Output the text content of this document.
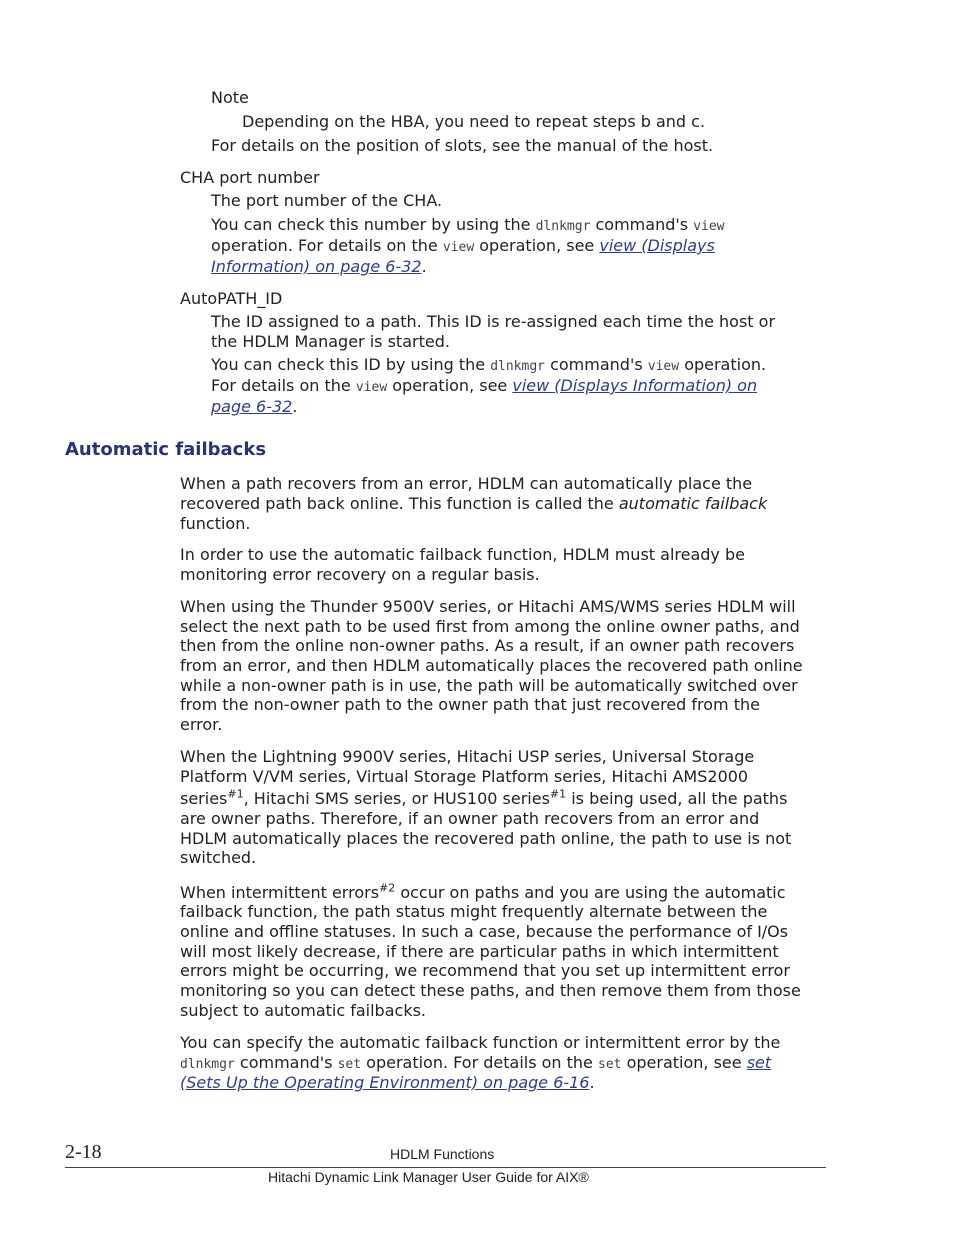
Note
Depending on the HBA, you need to repeat steps b and c.
For details on the position of slots, see the manual of the host.
CHA port number
The port number of the CHA.
You can check this number by using the dlnkmgr command's view
operation. For details on the view operation, see view (Displays
Information) on page 6-32.
AutoPATH_ID
The ID assigned to a path. This ID is re-assigned each time the host or
the HDLM Manager is started.
You can check this ID by using the dlnkmgr command's view operation.
For details on the view operation, see view (Displays Information) on
page 6-32.
Automatic failbacks
When a path recovers from an error, HDLM can automatically place the
recovered path back online. This function is called the automatic failback
function.
In order to use the automatic failback function, HDLM must already be
monitoring error recovery on a regular basis.
When using the Thunder 9500V series, or Hitachi AMS/WMS series HDLM will
select the next path to be used first from among the online owner paths, and
then from the online non-owner paths. As a result, if an owner path recovers
from an error, and then HDLM automatically places the recovered path online
while a non-owner path is in use, the path will be automatically switched over
from the non-owner path to the owner path that just recovered from the
error.
When the Lightning 9900V series, Hitachi USP series, Universal Storage
Platform V/VM series, Virtual Storage Platform series, Hitachi AMS2000
series$^{\#1}$, Hitachi SMS series, or HUS100 series$^{\#1}$ is being used, all the paths
are owner paths. Therefore, if an owner path recovers from an error and
HDLM automatically places the recovered path online, the path to use is not
switched.
When intermittent errors$^{\#2}$ occur on paths and you are using the automatic
failback function, the path status might frequently alternate between the
online and offline statuses. In such a case, because the performance of I/Os
will most likely decrease, if there are particular paths in which intermittent
errors might be occurring, we recommend that you set up intermittent error
monitoring so you can detect these paths, and then remove them from those
subject to automatic failbacks.
You can specify the automatic failback function or intermittent error by the
dlnkmgr command's set operation. For details on the set operation, see set
(Sets Up the Operating Environment) on page 6-16.
2-18	HDLM Functions
Hitachi Dynamic Link Manager User Guide for AIX®
